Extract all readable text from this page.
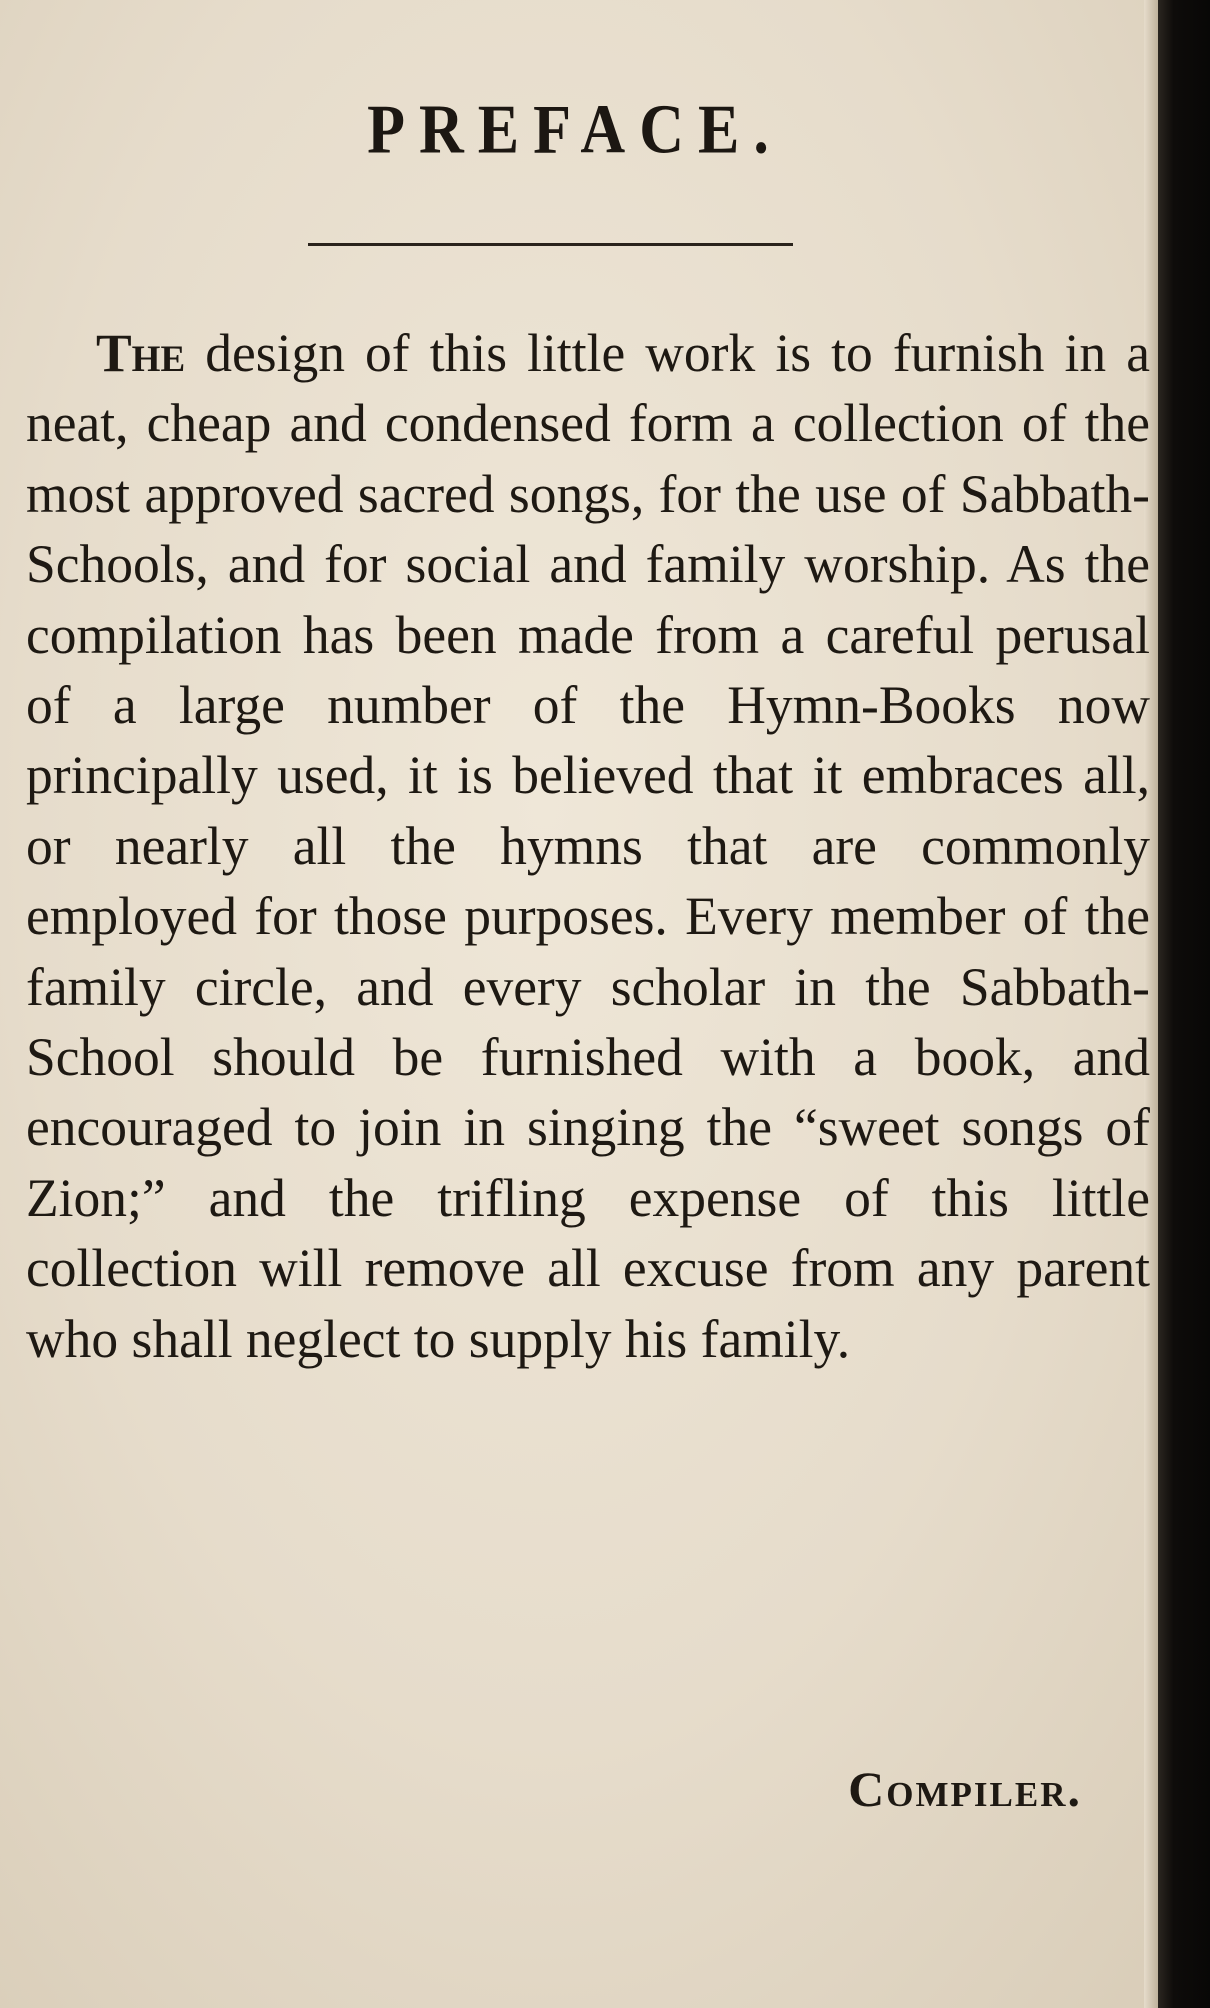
PREFACE.

The design of this little work is to furnish in a neat, cheap and condensed form a collection of the most approved sacred songs, for the use of Sabbath-Schools, and for social and family worship. As the compilation has been made from a careful perusal of a large number of the Hymn-Books now principally used, it is believed that it embraces all, or nearly all the hymns that are commonly employed for those purposes. Every member of the family circle, and every scholar in the Sabbath-School should be furnished with a book, and encouraged to join in singing the “sweet songs of Zion;” and the trifling expense of this little collection will remove all excuse from any parent who shall neglect to supply his family.

Compiler.
